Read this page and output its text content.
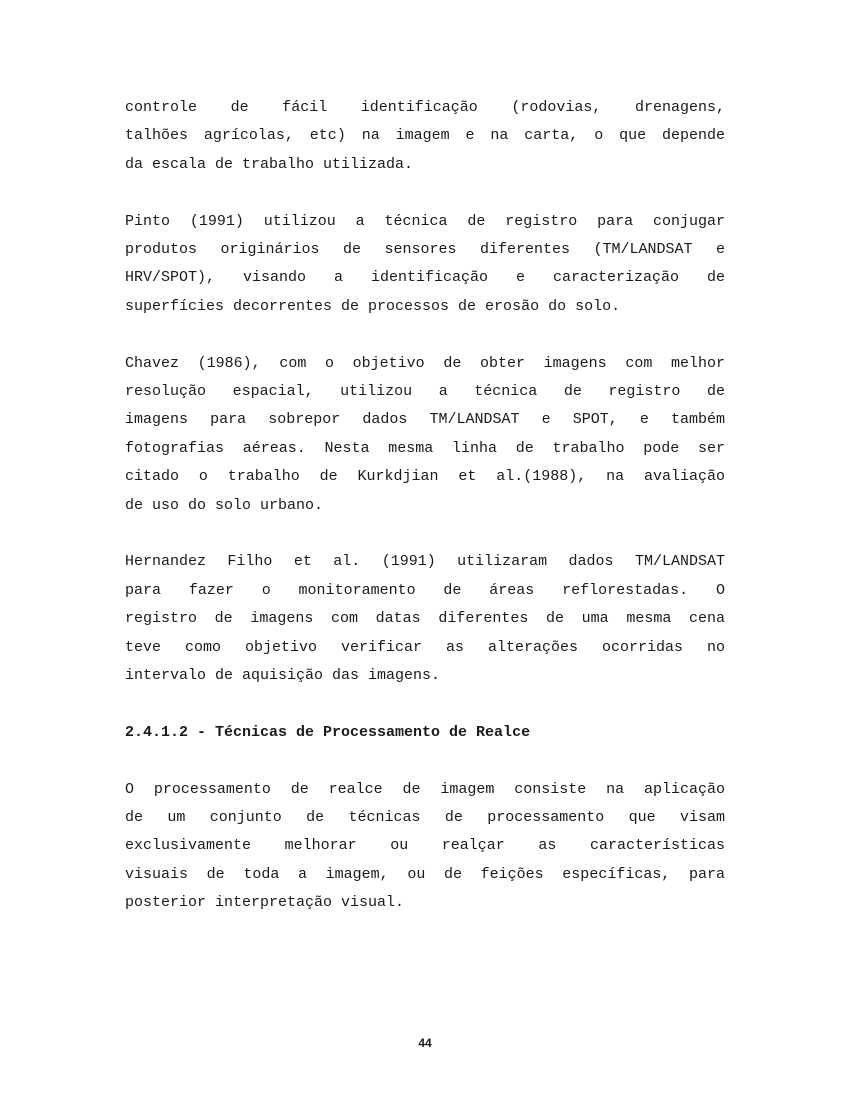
controle de fácil identificação (rodovias, drenagens,
talhões agrícolas, etc) na imagem e na carta, o que depende
da escala de trabalho utilizada.
Pinto (1991) utilizou a técnica de registro para conjugar
produtos originários de sensores diferentes (TM/LANDSAT e
HRV/SPOT), visando a identificação e caracterização de
superfícies decorrentes de processos de erosão do solo.
Chavez (1986), com o objetivo de obter imagens com melhor
resolução espacial, utilizou a técnica de registro de
imagens para sobrepor dados TM/LANDSAT e SPOT, e também
fotografias aéreas. Nesta mesma linha de trabalho pode ser
citado o trabalho de Kurkdjian et al.(1988), na avaliação
de uso do solo urbano.
Hernandez Filho et al. (1991) utilizaram dados TM/LANDSAT
para fazer o monitoramento de áreas reflorestadas. O
registro de imagens com datas diferentes de uma mesma cena
teve como objetivo verificar as alterações ocorridas no
intervalo de aquisição das imagens.
2.4.1.2 - Técnicas de Processamento de Realce
O processamento de realce de imagem consiste na aplicação
de um conjunto de técnicas de processamento que visam
exclusivamente melhorar ou realçar as características
visuais de toda a imagem, ou de feições específicas, para
posterior interpretação visual.
44
